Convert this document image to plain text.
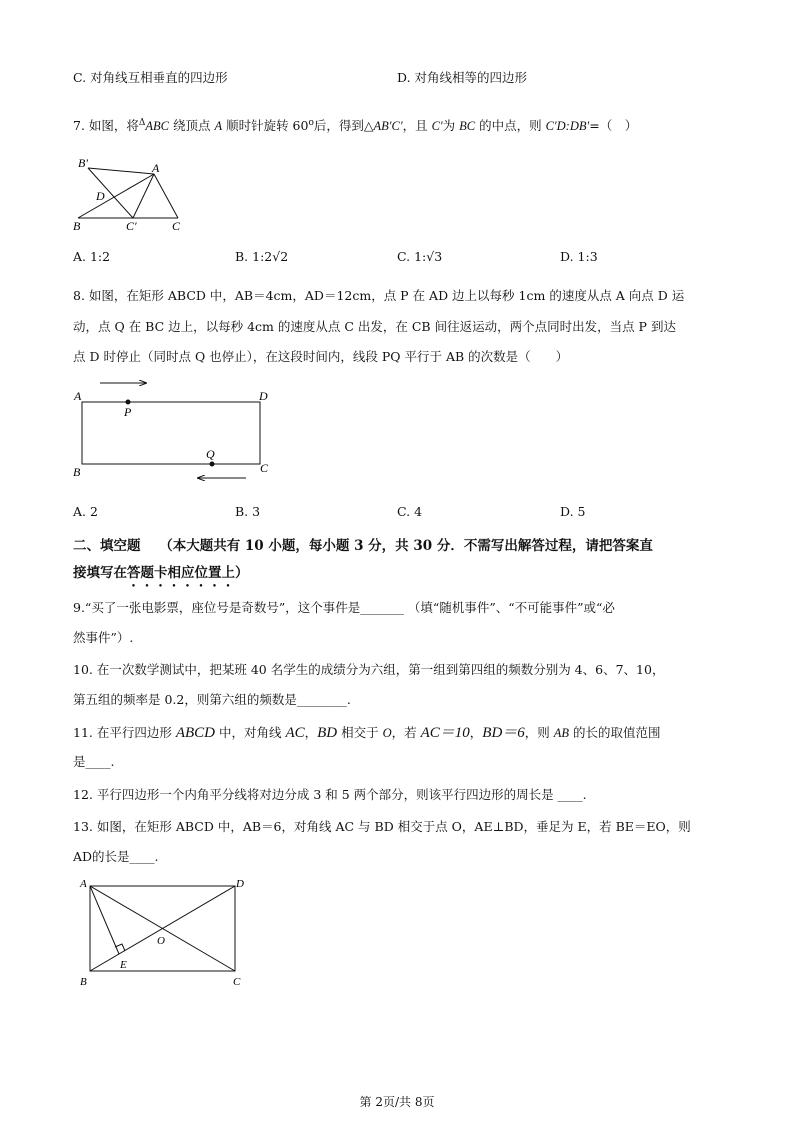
C. 对角线互相垂直的四边形	D. 对角线相等的四边形
7. 如图，将$^\Delta$ABC 绕顶点 A 顺时针旋转 60$^o$后，得到△AB′C′，且 C′为 BC 的中点，则 C′D:DB′=（　）
B′	A
D
B	C′	C
A. 1:2	B. 1:2√2	C. 1:√3	D. 1:3
8. 如图，在矩形 ABCD 中，AB＝4cm，AD＝12cm，点 P 在 AD 边上以每秒 1cm 的速度从点 A 向点 D 运
动，点 Q 在 BC 边上，以每秒 4cm 的速度从点 C 出发，在 CB 间往返运动，两个点同时出发，当点 P 到达
点 D 时停止（同时点 Q 也停止），在这段时间内，线段 PQ 平行于 AB 的次数是（　　）
A	D
P
Q
B	C
A. 2	B. 3	C. 4	D. 5
二、填空题 （本大题共有 10 小题，每小题 3 分，共 30 分．不需写出解答过程，请把答案直
接填写在答题卡相应位置上）
9.“买了一张电影票，座位号是奇数号”，这个事件是_______ （填“随机事件”、“不可能事件”或“必
然事件”）.
10. 在一次数学测试中，把某班 40 名学生的成绩分为六组，第一组到第四组的频数分别为 4、6、7、10，
第五组的频率是 0.2，则第六组的频数是________.
11. 在平行四边形 ABCD 中，对角线 AC，BD 相交于 O，若 AC＝10，BD＝6，则 AB 的长的取值范围
是____.
12. 平行四边形一个内角平分线将对边分成 3 和 5 两个部分，则该平行四边形的周长是 ____.
13. 如图，在矩形 ABCD 中，AB＝6，对角线 AC 与 BD 相交于点 O，AE⊥BD，垂足为 E，若 BE＝EO，则
AD的长是____.
A	D
O
E
B	C
第 2页/共 8页
